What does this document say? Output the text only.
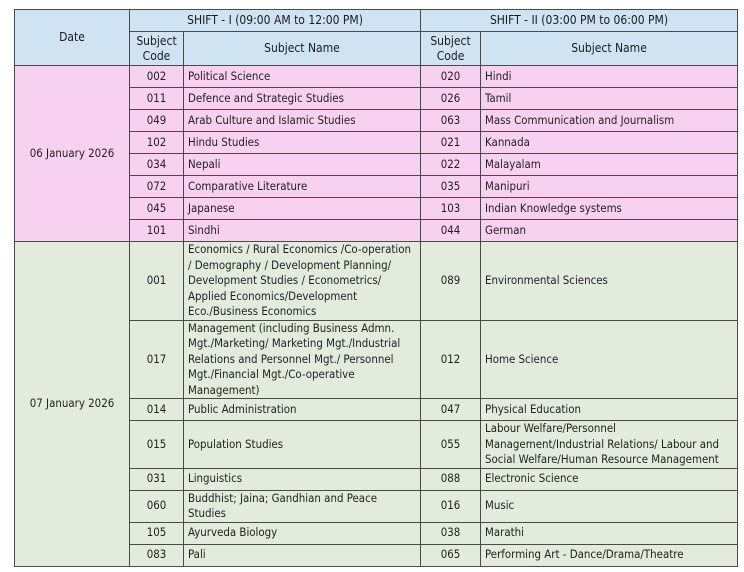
Date	SHIFT - I (09:00 AM to 12:00 PM)		SHIFT - II (03:00 PM to 06:00 PM)	
	Subject Code	Subject Name	Subject Code	Subject Name
06 January 2026	002	Political Science	020	Hindi
	011	Defence and Strategic Studies	026	Tamil
	049	Arab Culture and Islamic Studies	063	Mass Communication and Journalism
	102	Hindu Studies	021	Kannada
	034	Nepali	022	Malayalam
	072	Comparative Literature	035	Manipuri
	045	Japanese	103	Indian Knowledge systems
	101	Sindhi	044	German
07 January 2026	001	Economics / Rural Economics /Co-operation / Demography / Development Planning/ Development Studies / Econometrics/ Applied Economics/Development Eco./Business Economics	089	Environmental Sciences
	017	Management (including Business Admn. Mgt./Marketing/ Marketing Mgt./Industrial Relations and Personnel Mgt./ Personnel Mgt./Financial Mgt./Co-operative Management)	012	Home Science
	014	Public Administration	047	Physical Education
	015	Population Studies	055	Labour Welfare/Personnel Management/Industrial Relations/ Labour and Social Welfare/Human Resource Management
	031	Linguistics	088	Electronic Science
	060	Buddhist; Jaina; Gandhian and Peace Studies	016	Music
	105	Ayurveda Biology	038	Marathi
	083	Pali	065	Performing Art - Dance/Drama/Theatre
